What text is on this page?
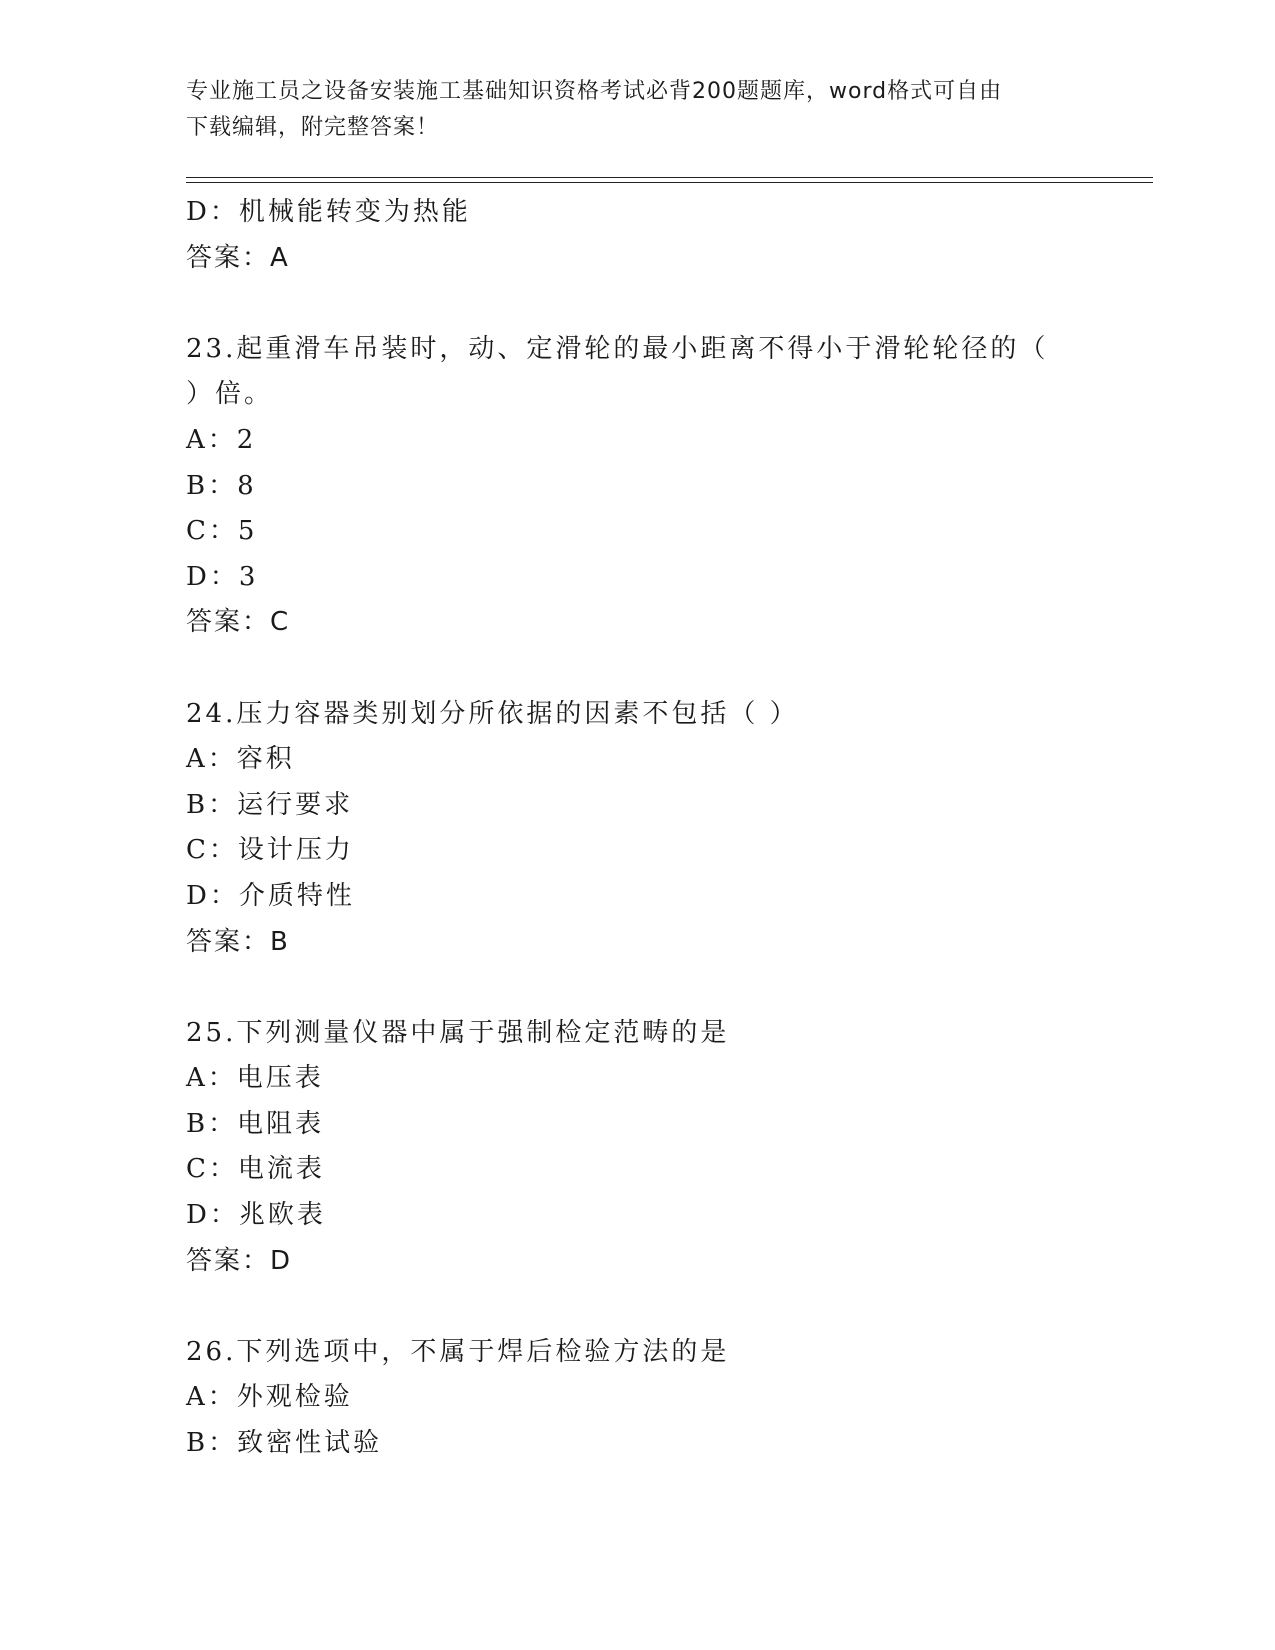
专业施工员之设备安装施工基础知识资格考试必背200题题库，word格式可自由
下载编辑，附完整答案！
D：机械能转变为热能
答案：A
23.起重滑车吊装时，动、定滑轮的最小距离不得小于滑轮轮径的（
）倍。
A：2
B：8
C：5
D：3
答案：C
24.压力容器类别划分所依据的因素不包括（ ）
A：容积
B：运行要求
C：设计压力
D：介质特性
答案：B
25.下列测量仪器中属于强制检定范畴的是
A：电压表
B：电阻表
C：电流表
D：兆欧表
答案：D
26.下列选项中，不属于焊后检验方法的是
A：外观检验
B：致密性试验
